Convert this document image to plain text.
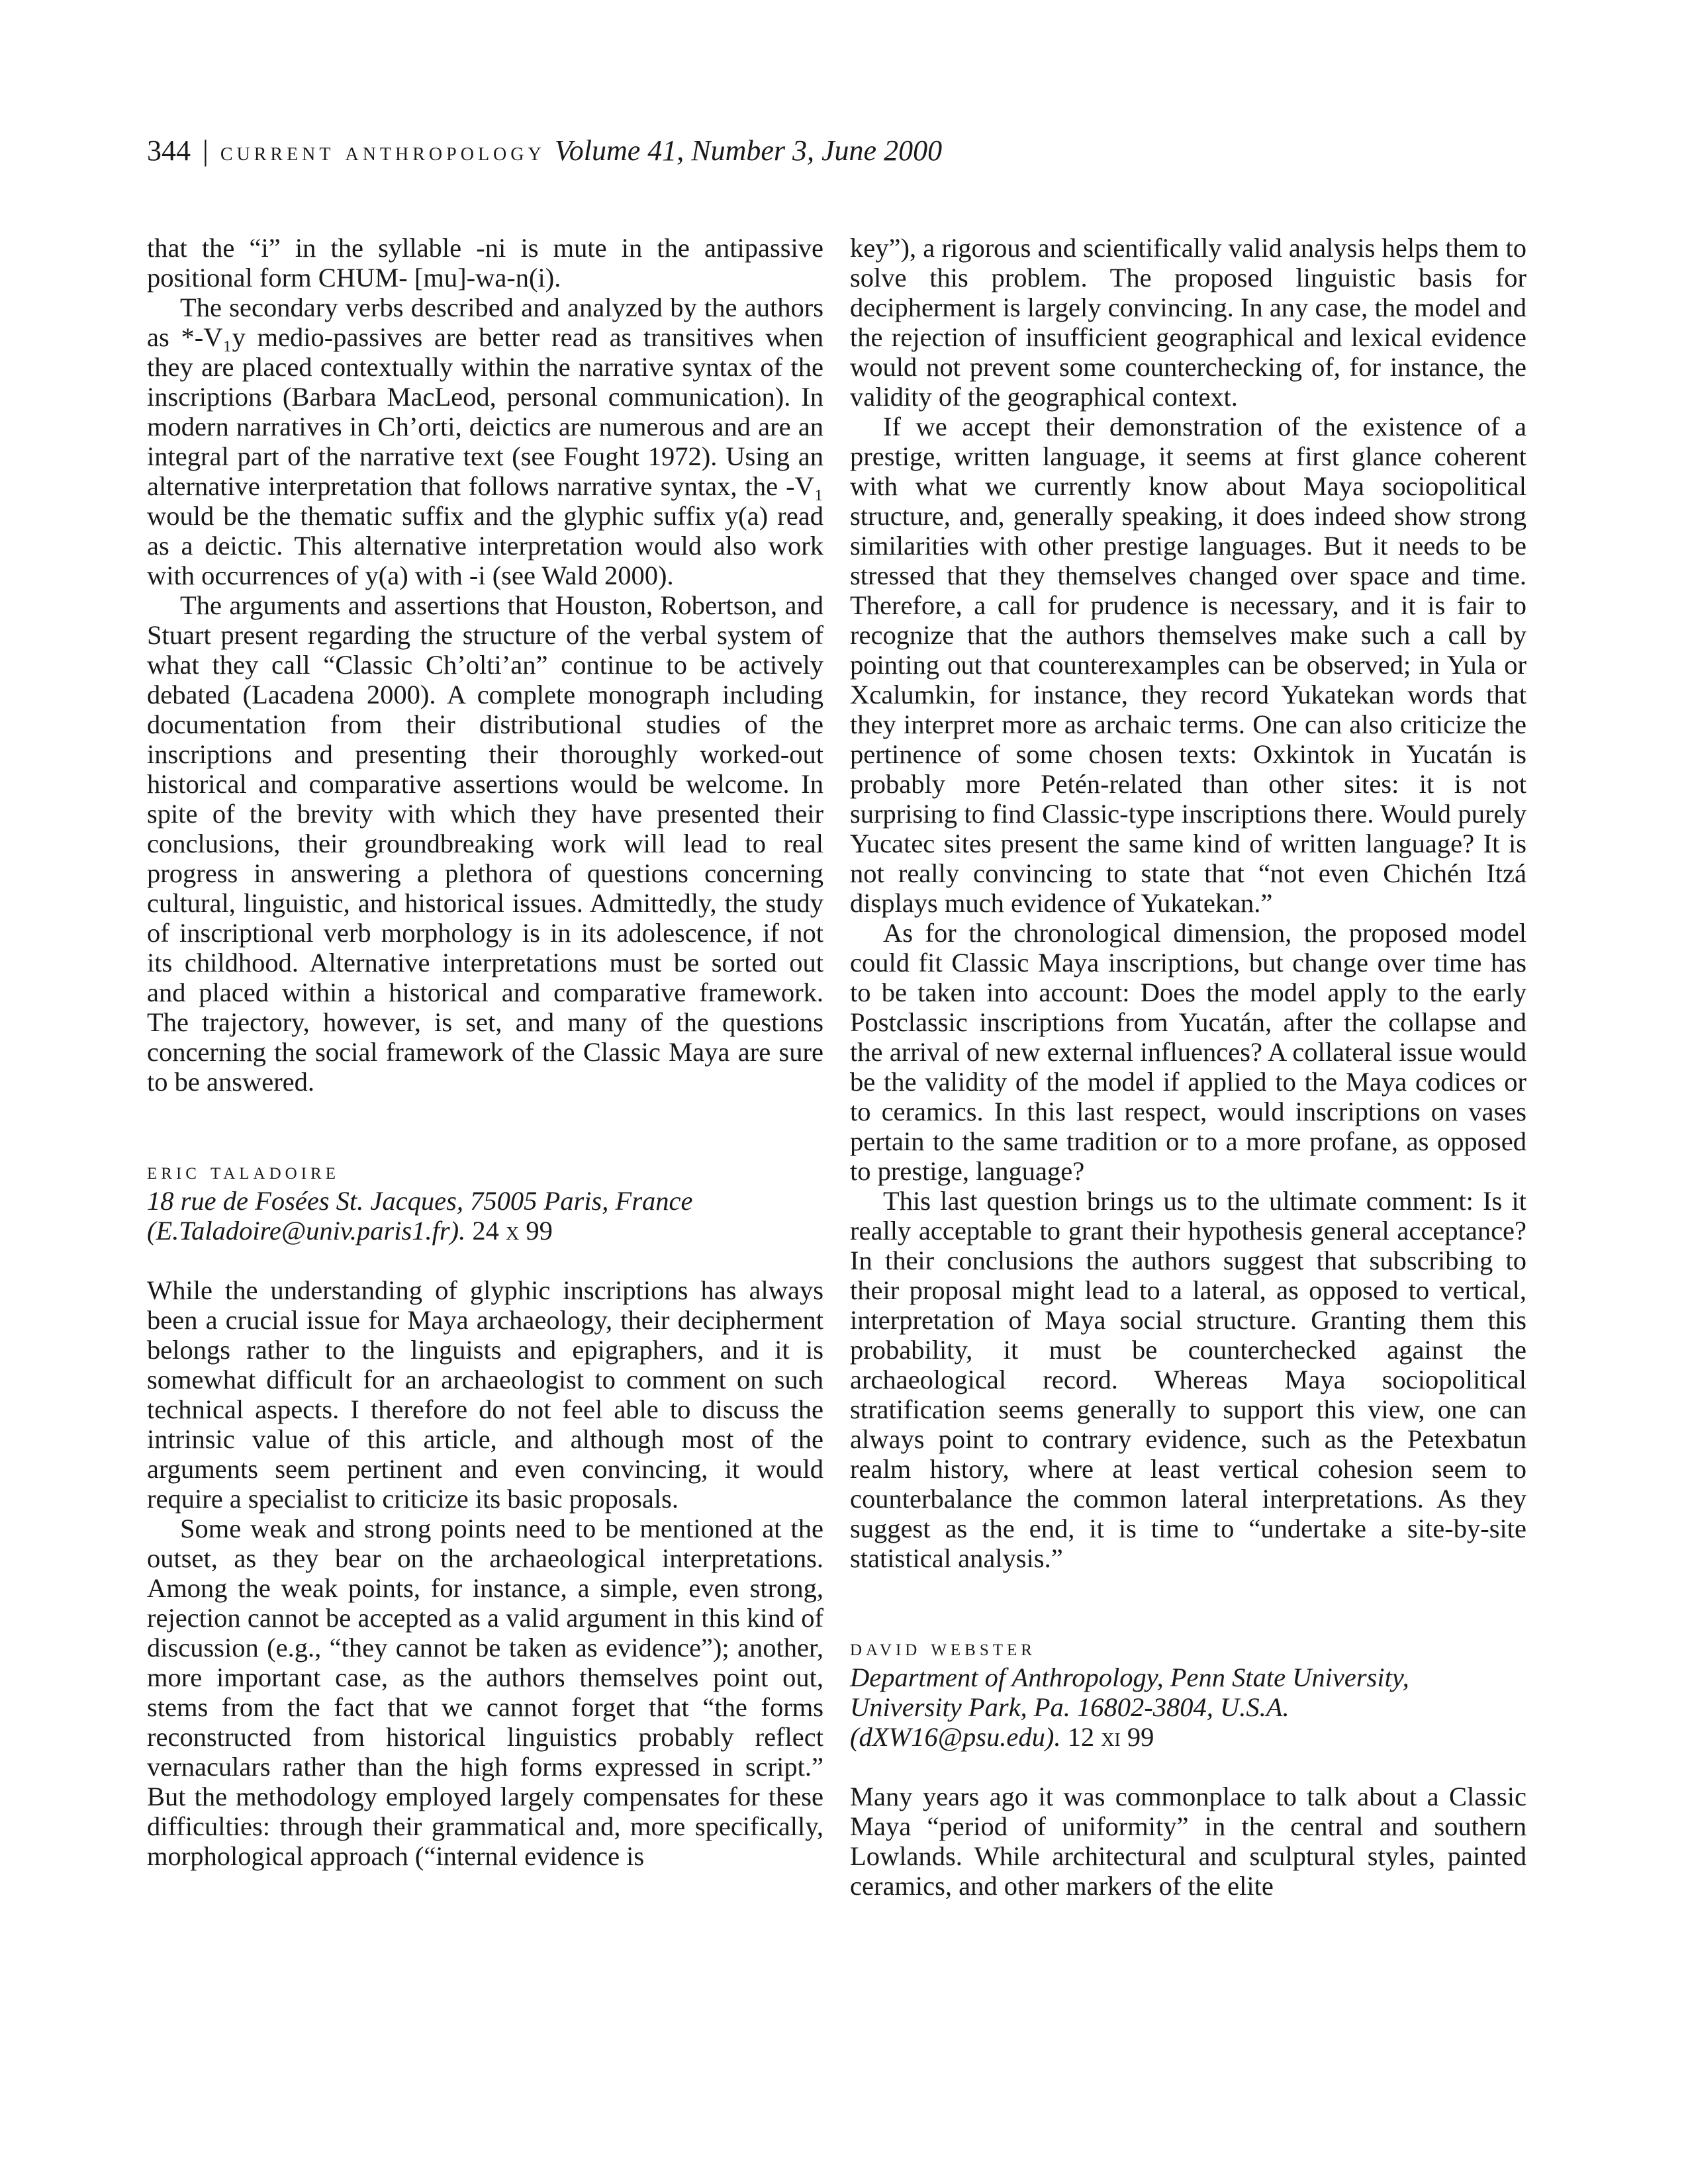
344 | current anthropology Volume 41, Number 3, June 2000

that the “i” in the syllable -ni is mute in the antipassive positional form CHUM- [mu]-wa-n(i).

The secondary verbs described and analyzed by the authors as *-V₁y medio-passives are better read as transitives when they are placed contextually within the narrative syntax of the inscriptions (Barbara MacLeod, personal communication). In modern narratives in Ch’orti, deictics are numerous and are an integral part of the narrative text (see Fought 1972). Using an alternative interpretation that follows narrative syntax, the -V₁ would be the thematic suffix and the glyphic suffix y(a) read as a deictic. This alternative interpretation would also work with occurrences of y(a) with -i (see Wald 2000).

The arguments and assertions that Houston, Robertson, and Stuart present regarding the structure of the verbal system of what they call “Classic Ch’olti’an” continue to be actively debated (Lacadena 2000). A complete monograph including documentation from their distributional studies of the inscriptions and presenting their thoroughly worked-out historical and comparative assertions would be welcome. In spite of the brevity with which they have presented their conclusions, their groundbreaking work will lead to real progress in answering a plethora of questions concerning cultural, linguistic, and historical issues. Admittedly, the study of inscriptional verb morphology is in its adolescence, if not its childhood. Alternative interpretations must be sorted out and placed within a historical and comparative framework. The trajectory, however, is set, and many of the questions concerning the social framework of the Classic Maya are sure to be answered.

eric taladoire
18 rue de Fosées St. Jacques, 75005 Paris, France
(E.Taladoire@univ.paris1.fr). 24 x 99

While the understanding of glyphic inscriptions has always been a crucial issue for Maya archaeology, their decipherment belongs rather to the linguists and epigraphers, and it is somewhat difficult for an archaeologist to comment on such technical aspects. I therefore do not feel able to discuss the intrinsic value of this article, and although most of the arguments seem pertinent and even convincing, it would require a specialist to criticize its basic proposals.

Some weak and strong points need to be mentioned at the outset, as they bear on the archaeological interpretations. Among the weak points, for instance, a simple, even strong, rejection cannot be accepted as a valid argument in this kind of discussion (e.g., “they cannot be taken as evidence”); another, more important case, as the authors themselves point out, stems from the fact that we cannot forget that “the forms reconstructed from historical linguistics probably reflect vernaculars rather than the high forms expressed in script.” But the methodology employed largely compensates for these difficulties: through their grammatical and, more specifically, morphological approach (“internal evidence is

key”), a rigorous and scientifically valid analysis helps them to solve this problem. The proposed linguistic basis for decipherment is largely convincing. In any case, the model and the rejection of insufficient geographical and lexical evidence would not prevent some counterchecking of, for instance, the validity of the geographical context.

If we accept their demonstration of the existence of a prestige, written language, it seems at first glance coherent with what we currently know about Maya sociopolitical structure, and, generally speaking, it does indeed show strong similarities with other prestige languages. But it needs to be stressed that they themselves changed over space and time. Therefore, a call for prudence is necessary, and it is fair to recognize that the authors themselves make such a call by pointing out that counterexamples can be observed; in Yula or Xcalumkin, for instance, they record Yukatekan words that they interpret more as archaic terms. One can also criticize the pertinence of some chosen texts: Oxkintok in Yucatán is probably more Petén-related than other sites: it is not surprising to find Classic-type inscriptions there. Would purely Yucatec sites present the same kind of written language? It is not really convincing to state that “not even Chichén Itzá displays much evidence of Yukatekan.”

As for the chronological dimension, the proposed model could fit Classic Maya inscriptions, but change over time has to be taken into account: Does the model apply to the early Postclassic inscriptions from Yucatán, after the collapse and the arrival of new external influences? A collateral issue would be the validity of the model if applied to the Maya codices or to ceramics. In this last respect, would inscriptions on vases pertain to the same tradition or to a more profane, as opposed to prestige, language?

This last question brings us to the ultimate comment: Is it really acceptable to grant their hypothesis general acceptance? In their conclusions the authors suggest that subscribing to their proposal might lead to a lateral, as opposed to vertical, interpretation of Maya social structure. Granting them this probability, it must be counterchecked against the archaeological record. Whereas Maya sociopolitical stratification seems generally to support this view, one can always point to contrary evidence, such as the Petexbatun realm history, where at least vertical cohesion seem to counterbalance the common lateral interpretations. As they suggest as the end, it is time to “undertake a site-by-site statistical analysis.”

david webster
Department of Anthropology, Penn State University, University Park, Pa. 16802-3804, U.S.A.
(dXW16@psu.edu). 12 xi 99

Many years ago it was commonplace to talk about a Classic Maya “period of uniformity” in the central and southern Lowlands. While architectural and sculptural styles, painted ceramics, and other markers of the elite
